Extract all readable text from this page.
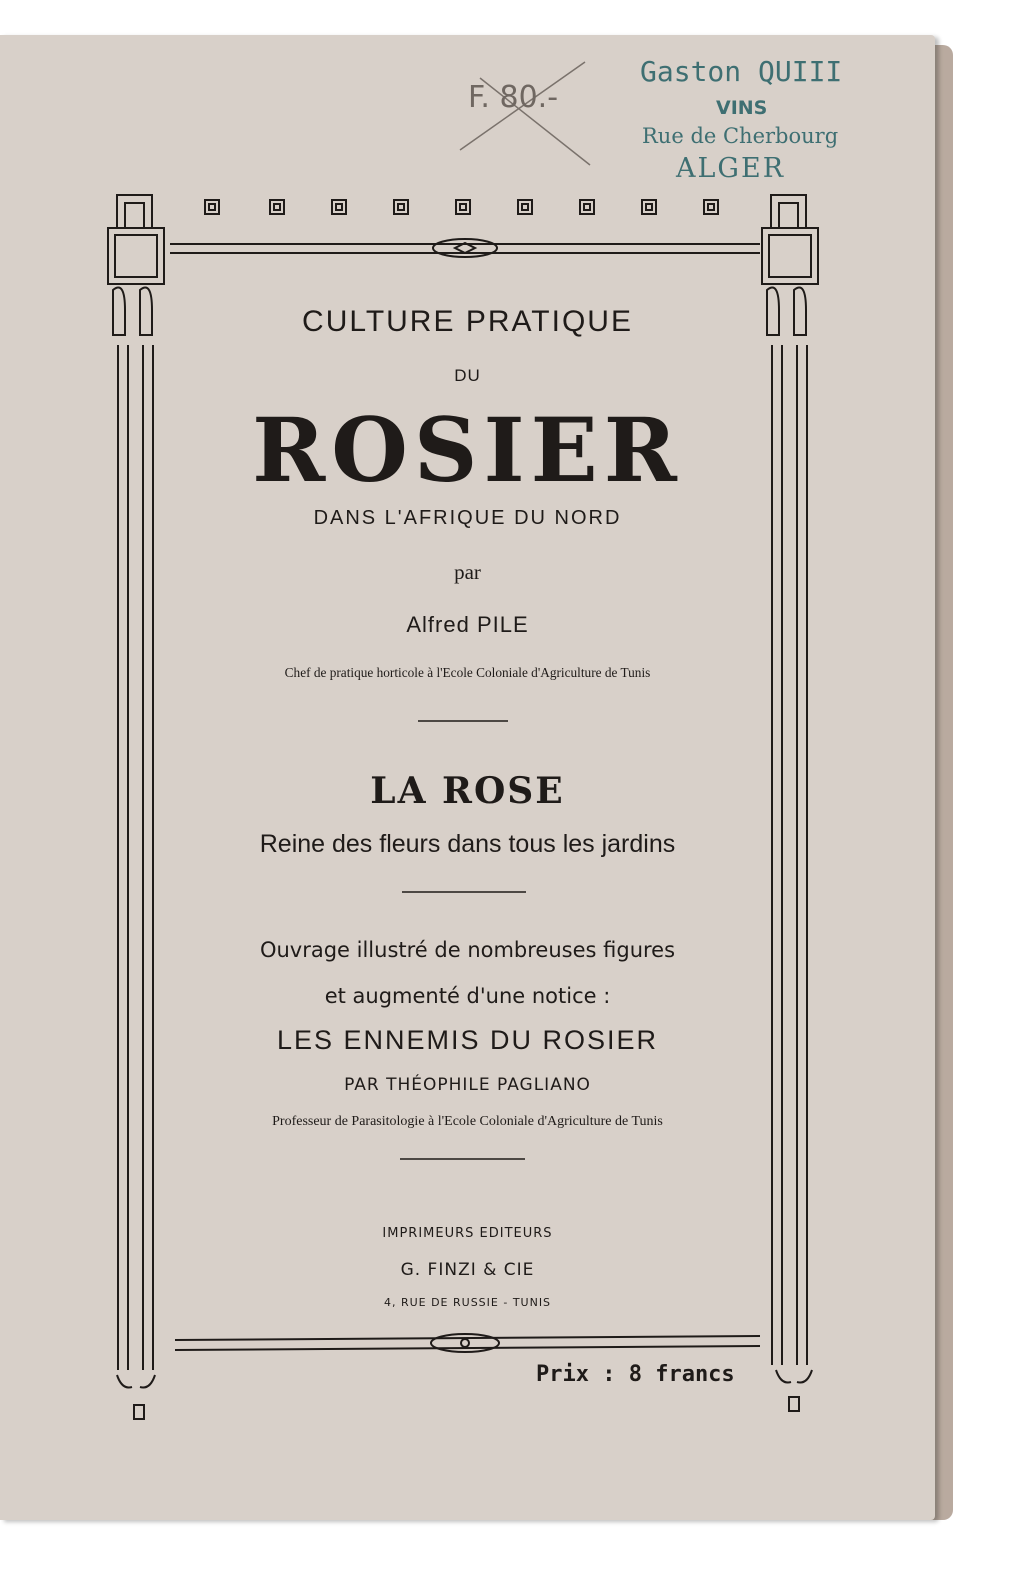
F. 80.-
Gaston QUIII
VINS
Rue de Cherbourg
ALGER
CULTURE PRATIQUE
DU
ROSIER
DANS L'AFRIQUE DU NORD
par
Alfred PILE
Chef de pratique horticole à l'Ecole Coloniale d'Agriculture de Tunis
LA ROSE
Reine des fleurs dans tous les jardins
Ouvrage illustré de nombreuses figures
et augmenté d'une notice :
LES ENNEMIS DU ROSIER
PAR THÉOPHILE PAGLIANO
Professeur de Parasitologie à l'Ecole Coloniale d'Agriculture de Tunis
IMPRIMEURS EDITEURS
G. FINZI & CIE
4, RUE DE RUSSIE - TUNIS
Prix : 8 francs
